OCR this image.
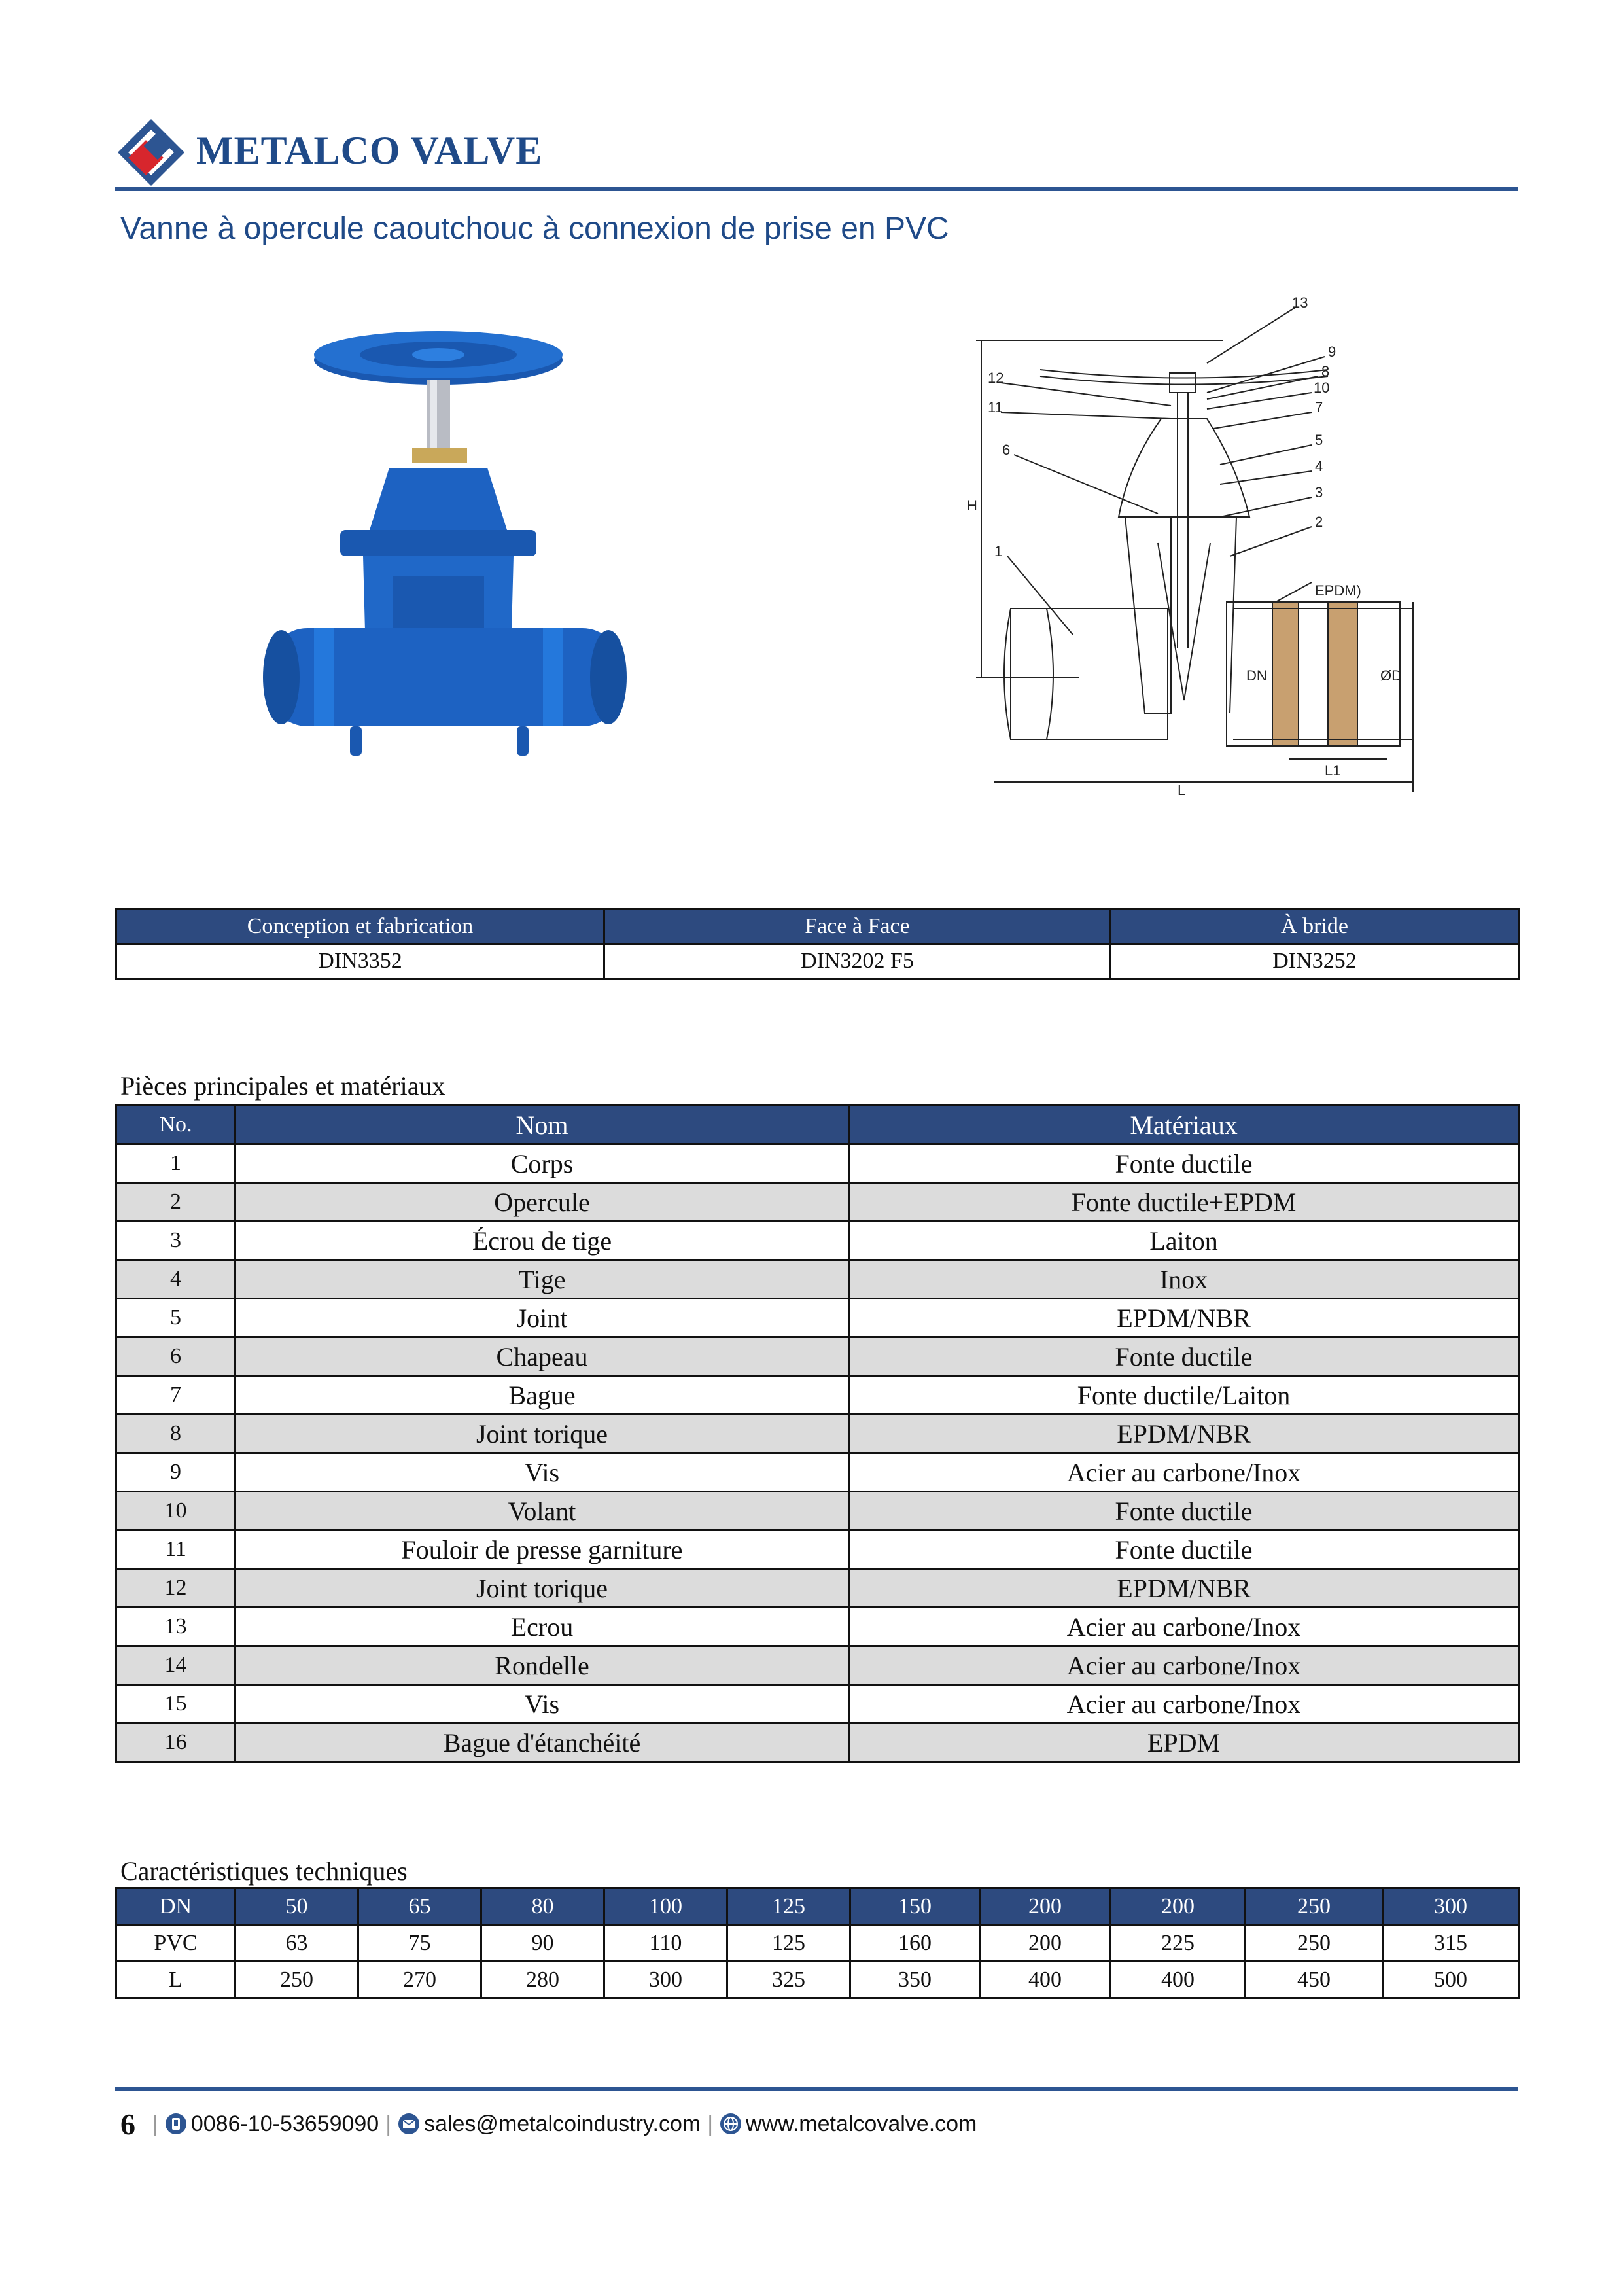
METALCO VALVE
Vanne à opercule caoutchouc à connexion de prise en PVC
13
9
8
10
7
5
4
3
2
12
11
6
1
EPDM)
H
DN	ØD
L1
L
Conception et fabrication	Face à Face	À bride
DIN3352	DIN3202 F5	DIN3252
Pièces principales et matériaux
No.	Nom	Matériaux
1	Corps	Fonte ductile
2	Opercule	Fonte ductile+EPDM
3	Écrou de tige	Laiton
4	Tige	Inox
5	Joint	EPDM/NBR
6	Chapeau	Fonte ductile
7	Bague	Fonte ductile/Laiton
8	Joint torique	EPDM/NBR
9	Vis	Acier au carbone/Inox
10	Volant	Fonte ductile
11	Fouloir de presse garniture	Fonte ductile
12	Joint torique	EPDM/NBR
13	Ecrou	Acier au carbone/Inox
14	Rondelle	Acier au carbone/Inox
15	Vis	Acier au carbone/Inox
16	Bague d'étanchéité	EPDM
Caractéristiques techniques
DN	50	65	80	100	125	150	200	200	250	300
PVC	63	75	90	110	125	160	200	225	250	315
L	250	270	280	300	325	350	400	400	450	500
6 | 0086-10-53659090 | sales@metalcoindustry.com | www.metalcovalve.com
